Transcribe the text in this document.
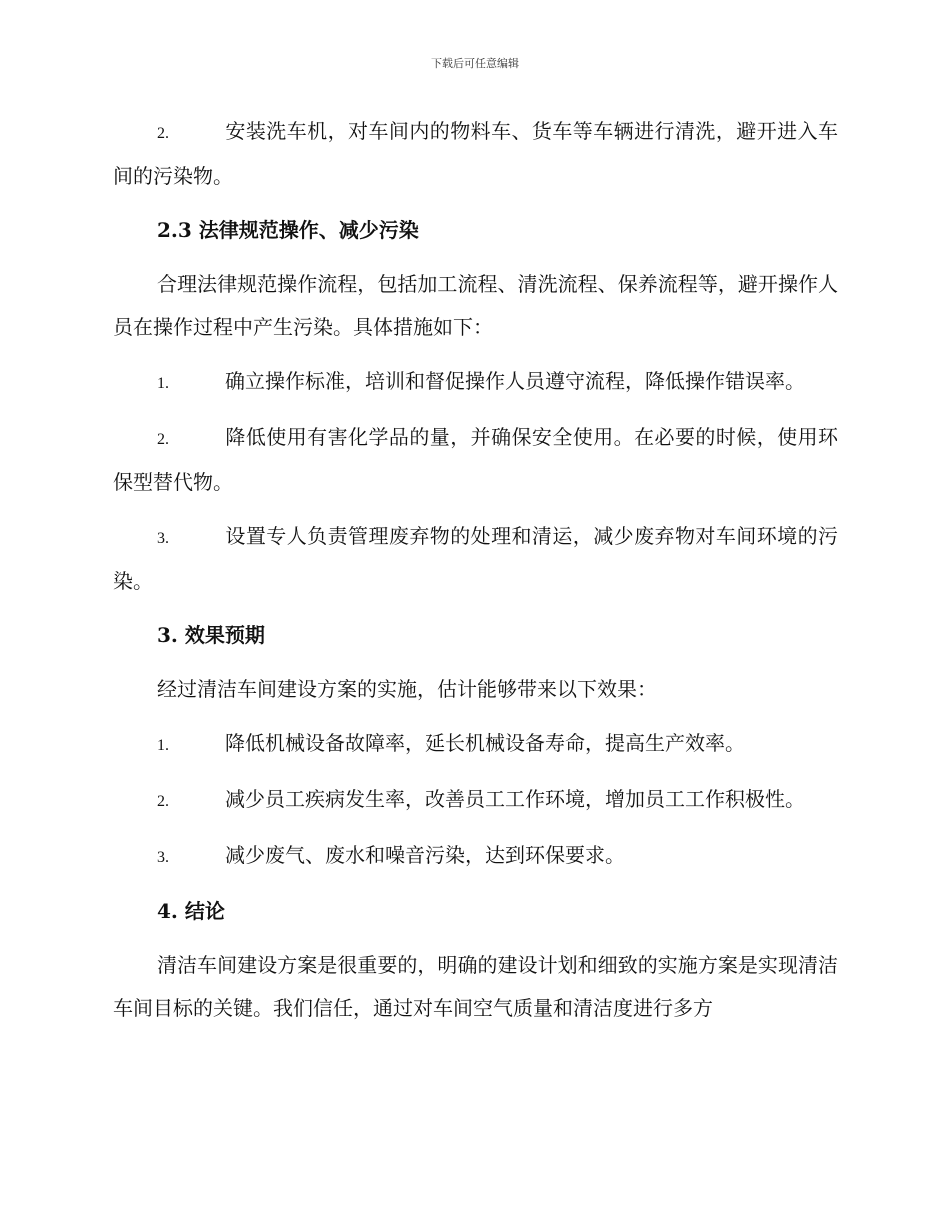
下载后可任意编辑
2.	安装洗车机，对车间内的物料车、货车等车辆进行清洗，避开进入车间的污染物。
2.3 法律规范操作、减少污染

合理法律规范操作流程，包括加工流程、清洗流程、保养流程等，避开操作人员在操作过程中产生污染。具体措施如下：

1.	确立操作标准，培训和督促操作人员遵守流程，降低操作错误率。
2.	降低使用有害化学品的量，并确保安全使用。在必要的时候，使用环保型替代物。
3.	设置专人负责管理废弃物的处理和清运，减少废弃物对车间环境的污染。
3. 效果预期

经过清洁车间建设方案的实施，估计能够带来以下效果：

1.	降低机械设备故障率，延长机械设备寿命，提高生产效率。
2.	减少员工疾病发生率，改善员工工作环境，增加员工工作积极性。
3.	减少废气、废水和噪音污染，达到环保要求。
4. 结论

清洁车间建设方案是很重要的，明确的建设计划和细致的实施方案是实现清洁车间目标的关键。我们信任，通过对车间空气质量和清洁度进行多方
